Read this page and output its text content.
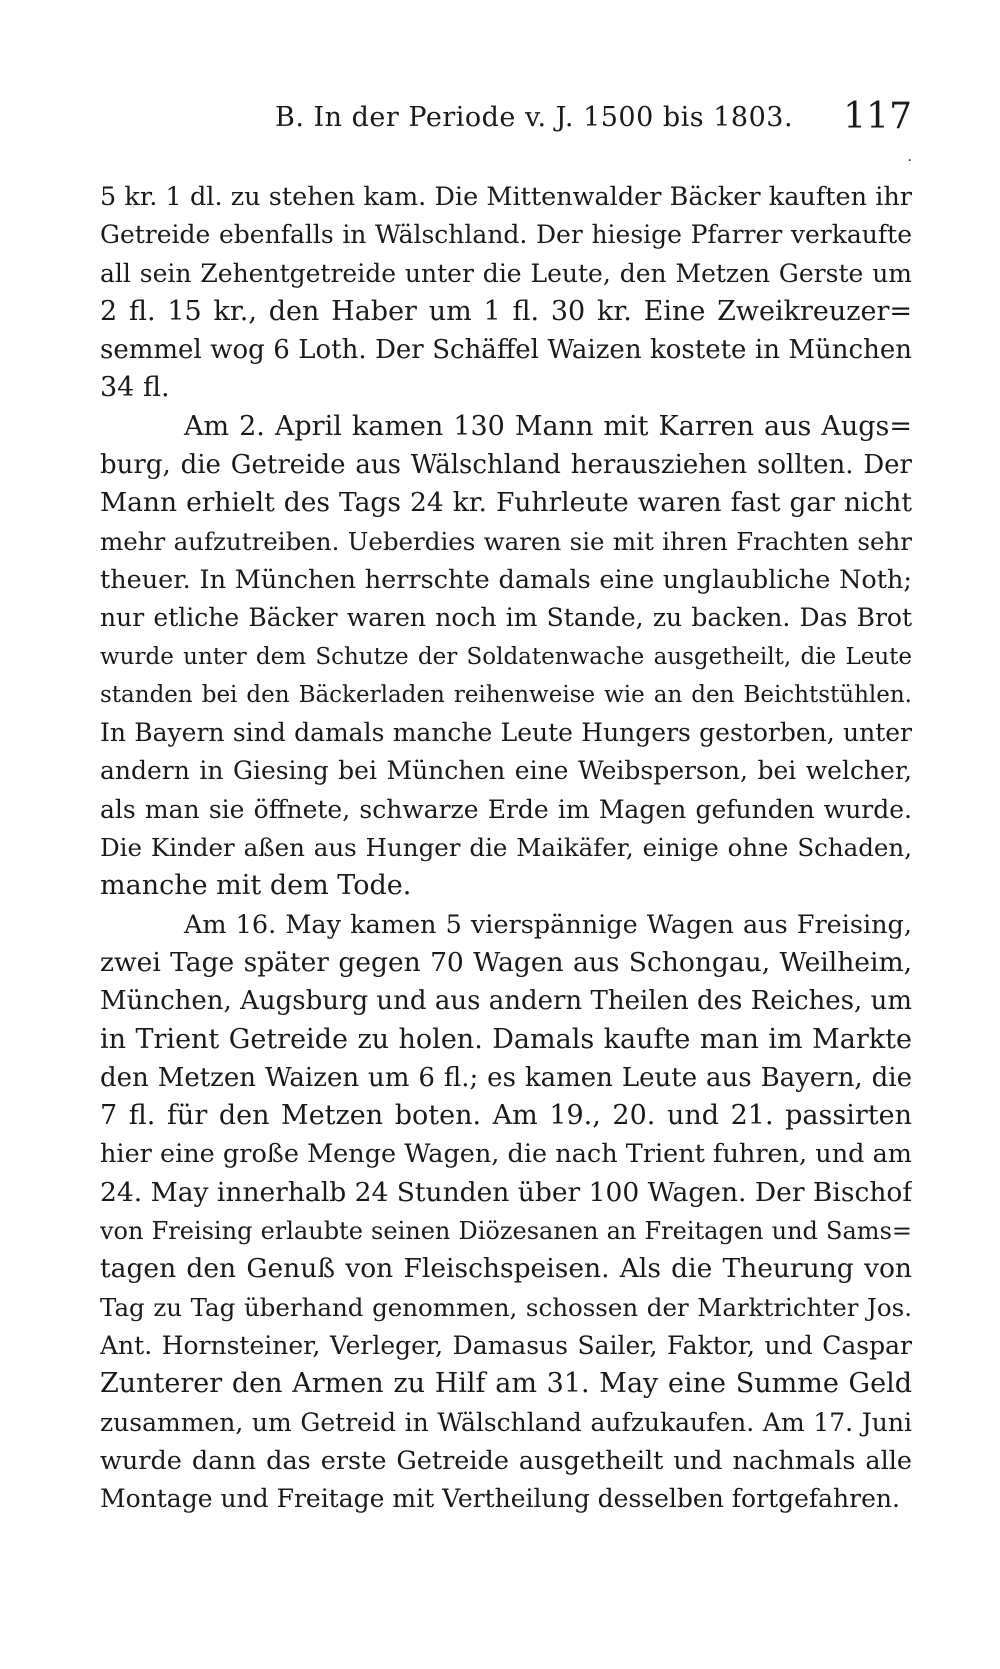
B. In der Periode v. J. 1500 bis 1803. 117
·
5 kr. 1 dl. zu stehen kam. Die Mittenwalder Bäcker kauften ihr
Getreide ebenfalls in Wälschland. Der hiesige Pfarrer verkaufte
all sein Zehentgetreide unter die Leute, den Metzen Gerste um
2 fl. 15 kr., den Haber um 1 fl. 30 kr. Eine Zweikreuzer=
semmel wog 6 Loth. Der Schäffel Waizen kostete in München
34 fl.
Am 2. April kamen 130 Mann mit Karren aus Augs=
burg, die Getreide aus Wälschland herausziehen sollten. Der
Mann erhielt des Tags 24 kr. Fuhrleute waren fast gar nicht
mehr aufzutreiben. Ueberdies waren sie mit ihren Frachten sehr
theuer. In München herrschte damals eine unglaubliche Noth;
nur etliche Bäcker waren noch im Stande, zu backen. Das Brot
wurde unter dem Schutze der Soldatenwache ausgetheilt, die Leute
standen bei den Bäckerladen reihenweise wie an den Beichtstühlen.
In Bayern sind damals manche Leute Hungers gestorben, unter
andern in Giesing bei München eine Weibsperson, bei welcher,
als man sie öffnete, schwarze Erde im Magen gefunden wurde.
Die Kinder aßen aus Hunger die Maikäfer, einige ohne Schaden,
manche mit dem Tode.
Am 16. May kamen 5 vierspännige Wagen aus Freising,
zwei Tage später gegen 70 Wagen aus Schongau, Weilheim,
München, Augsburg und aus andern Theilen des Reiches, um
in Trient Getreide zu holen. Damals kaufte man im Markte
den Metzen Waizen um 6 fl.; es kamen Leute aus Bayern, die
7 fl. für den Metzen boten. Am 19., 20. und 21. passirten
hier eine große Menge Wagen, die nach Trient fuhren, und am
24. May innerhalb 24 Stunden über 100 Wagen. Der Bischof
von Freising erlaubte seinen Diözesanen an Freitagen und Sams=
tagen den Genuß von Fleischspeisen. Als die Theurung von
Tag zu Tag überhand genommen, schossen der Marktrichter Jos.
Ant. Hornsteiner, Verleger, Damasus Sailer, Faktor, und Caspar
Zunterer den Armen zu Hilf am 31. May eine Summe Geld
zusammen, um Getreid in Wälschland aufzukaufen. Am 17. Juni
wurde dann das erste Getreide ausgetheilt und nachmals alle
Montage und Freitage mit Vertheilung desselben fortgefahren.
